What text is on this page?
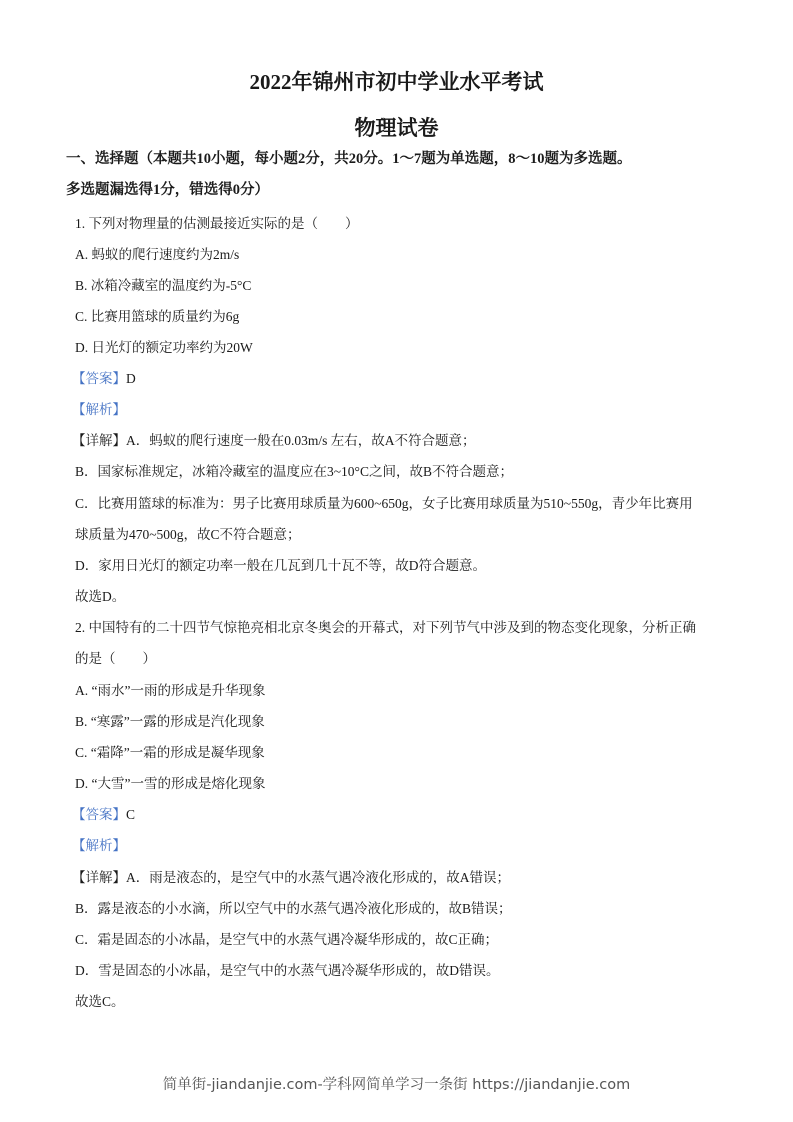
2022年锦州市初中学业水平考试
物理试卷
一、选择题（本题共10小题，每小题2分，共20分。1～7题为单选题，8～10题为多选题。
多选题漏选得1分，错选得0分）
1. 下列对物理量的估测最接近实际的是（　　）
A. 蚂蚁的爬行速度约为2m/s
B. 冰箱冷藏室的温度约为-5°C
C. 比赛用篮球的质量约为6g
D. 日光灯的额定功率约为20W
【答案】D
【解析】
【详解】A．蚂蚁的爬行速度一般在0.03m/s 左右，故A不符合题意；
B．国家标准规定，冰箱冷藏室的温度应在3~10°C之间，故B不符合题意；
C．比赛用篮球的标准为：男子比赛用球质量为600~650g，女子比赛用球质量为510~550g，青少年比赛用
球质量为470~500g，故C不符合题意；
D．家用日光灯的额定功率一般在几瓦到几十瓦不等，故D符合题意。
故选D。
2. 中国特有的二十四节气惊艳亮相北京冬奥会的开幕式，对下列节气中涉及到的物态变化现象，分析正确
的是（　　）
A. “雨水”一雨的形成是升华现象
B. “寒露”一露的形成是汽化现象
C. “霜降”一霜的形成是凝华现象
D. “大雪”一雪的形成是熔化现象
【答案】C
【解析】
【详解】A．雨是液态的，是空气中的水蒸气遇冷液化形成的，故A错误；
B．露是液态的小水滴，所以空气中的水蒸气遇冷液化形成的，故B错误；
C．霜是固态的小冰晶，是空气中的水蒸气遇冷凝华形成的，故C正确；
D．雪是固态的小冰晶，是空气中的水蒸气遇冷凝华形成的，故D错误。
故选C。
简单街-jiandanjie.com-学科网简单学习一条街 https://jiandanjie.com
